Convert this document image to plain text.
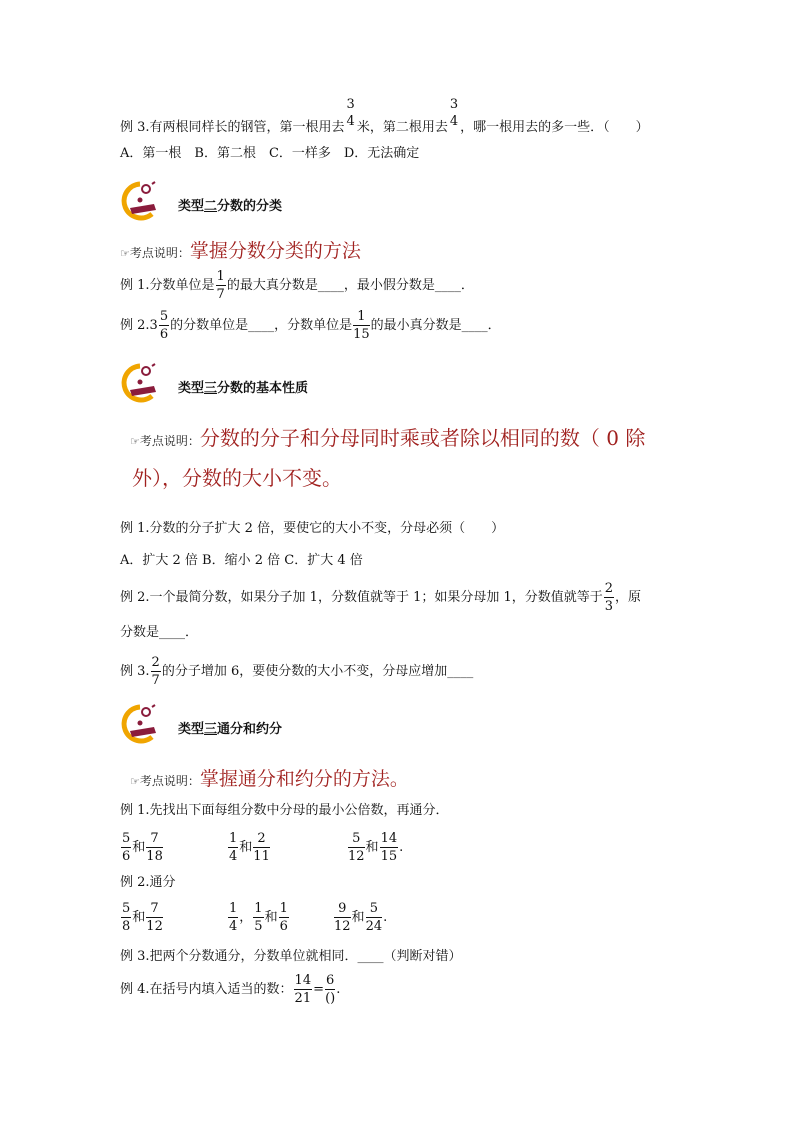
例 3.有两根同样长的钢管，第一根用去
3
4 米，第二根用去
3
4 ，哪一根用去的多一些．（　　）
A．第一根　B．第二根　C．一样多　D．无法确定
类型二分数的分类
☞考点说明：掌握分数分类的方法
例 1.分数单位是 $\frac{1}{7}$ 的最大真分数是____，最小假分数是____．
例 $2.3 \frac{5}{6}$ 的分数单位是____，分数单位是 $\frac{1}{15}$ 的最小真分数是____．
类型三分数的基本性质
☞考点说明：分数的分子和分母同时乘或者除以相同的数（ 0 除
外），分数的大小不变。
例 1.分数的分子扩大 2 倍，要使它的大小不变，分母必须（　　）
A．扩大 2 倍 B．缩小 2 倍 C．扩大 4 倍
例 2.一个最简分数，如果分子加 1，分数值就等于 1；如果分母加 1，分数值就等于 $\frac{2}{3}$ ，原
分数是____．
例 3. $\frac{2}{7}$ 的分子增加 6，要使分数的大小不变，分母应增加____
类型三通分和约分
☞考点说明：掌握通分和约分的方法。
例 1.先找出下面每组分数中分母的最小公倍数，再通分．
$\frac{5}{6}$ 和 $\frac{7}{18}$	$\frac{1}{4}$ 和 $\frac{2}{11}$	$\frac{5}{12}$ 和 $\frac{14}{15}$ .
例 2.通分
$\frac{5}{8}$ 和 $\frac{7}{12}$	$\frac{1}{4}$ ， $\frac{1}{5}$ 和 $\frac{1}{6}$	$\frac{9}{12}$ 和 $\frac{5}{24}$ .
例 3.把两个分数通分，分数单位就相同．____（判断对错）
例 4.在括号内填入适当的数： $\frac{14}{21} = \frac{6}{()}$ .
